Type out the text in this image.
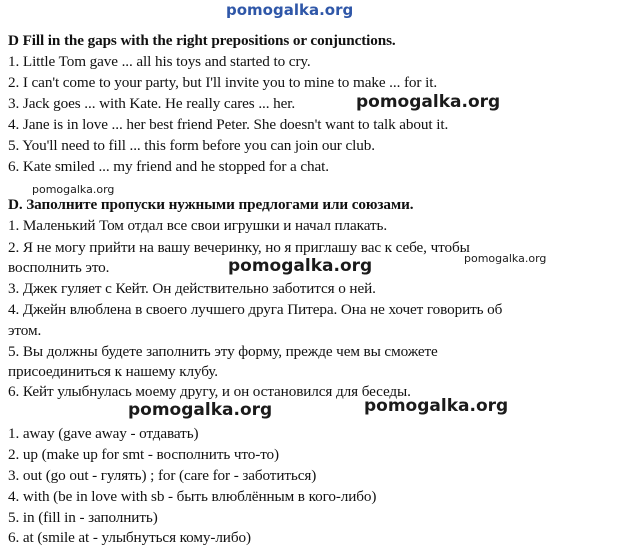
pomogalka.org
D Fill in the gaps with the right prepositions or conjunctions.
1. Little Tom gave ... all his toys and started to cry.
2. I can't come to your party, but I'll invite you to mine to make ... for it.
3. Jack goes ... with Kate. He really cares ... her.
4. Jane is in love ... her best friend Peter. She doesn't want to talk about it.
5. You'll need to fill ... this form before you can join our club.
6. Kate smiled ... my friend and he stopped for a chat.
D. Заполните пропуски нужными предлогами или союзами.
1. Маленький Том отдал все свои игрушки и начал плакать.
2. Я не могу прийти на вашу вечеринку, но я приглашу вас к себе, чтобы
восполнить это.
3. Джек гуляет с Кейт. Он действительно заботится о ней.
4. Джейн влюблена в своего лучшего друга Питера. Она не хочет говорить об
этом.
5. Вы должны будете заполнить эту форму, прежде чем вы сможете
присоединиться к нашему клубу.
6. Кейт улыбнулась моему другу, и он остановился для беседы.
1. away (gave away - отдавать)
2. up (make up for smt - восполнить что-то)
3. out (go out - гулять) ; for (care for - заботиться)
4. with (be in love with sb - быть влюблённым в кого-либо)
5. in (fill in - заполнить)
6. at (smile at - улыбнуться кому-либо)
pomogalka.org
pomogalka.org
pomogalka.org
pomogalka.org
pomogalka.org	pomogalka.org
